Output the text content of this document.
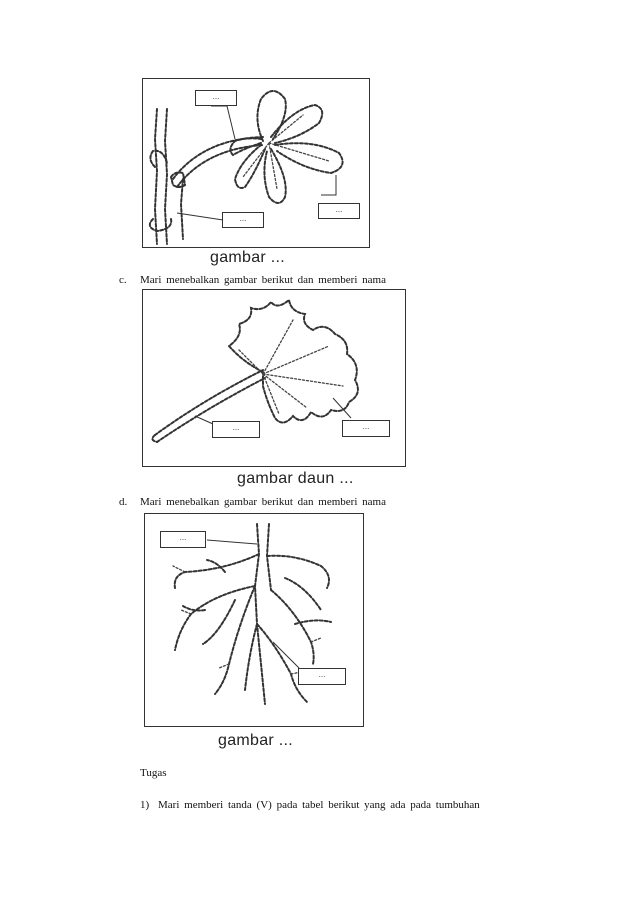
...
...
...
gambar ...
c. Mari menebalkan gambar berikut dan memberi nama
...	...
gambar daun ...
d. Mari menebalkan gambar berikut dan memberi nama
...
...
gambar ...
Tugas
1) Mari memberi tanda (V) pada tabel berikut yang ada pada tumbuhan
